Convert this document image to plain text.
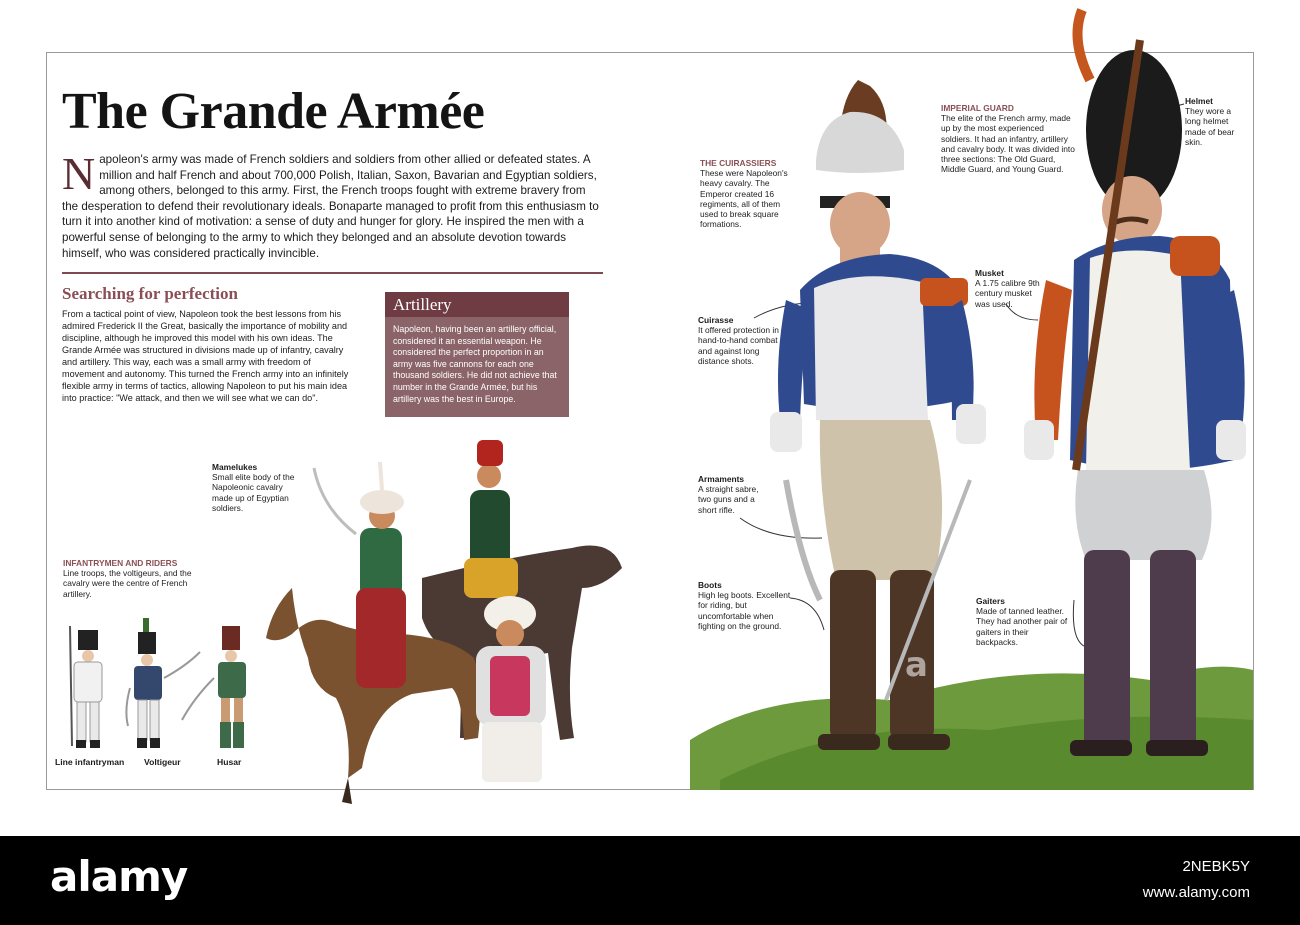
The Grande Armée
N apoleon's army was made of French soldiers and soldiers from other allied or defeated states. A million and half French and about 700,000 Polish, Italian, Saxon, Bavarian and Egyptian soldiers, among others, belonged to this army. First, the French troops fought with extreme bravery from the desperation to defend their revolutionary ideals. Bonaparte managed to profit from this enthusiasm to turn it into another kind of motivation: a sense of duty and hunger for glory. He inspired the men with a powerful sense of belonging to the army to which they belonged and an absolute devotion towards himself, who was considered practically invincible.
Searching for perfection
From a tactical point of view, Napoleon took the best lessons from his admired Frederick II the Great, basically the importance of mobility and discipline, although he improved this model with his own ideas. The Grande Armée was structured in divisions made up of infantry, cavalry and artillery. This way, each was a small army with freedom of movement and autonomy. This turned the French army into an infinitely flexible army in terms of tactics, allowing Napoleon to put his main idea into practice: "We attack, and then we will see what we can do".
Artillery
Napoleon, having been an artillery official, considered it an essential weapon. He considered the perfect proportion in an army was five cannons for each one thousand soldiers. He did not achieve that number in the Grande Armée, but his artillery was the best in Europe.
Mamelukes
Small elite body of the Napoleonic cavalry made up of Egyptian soldiers.
INFANTRYMEN AND RIDERS
Line troops, the voltigeurs, and the cavalry were the centre of French artillery.
Line infantryman Voltigeur	Husar
THE CUIRASSIERS
These were Napoleon's heavy cavalry. The Emperor created 16 regiments, all of them used to break square formations.
IMPERIAL GUARD
The elite of the French army, made up by the most experienced soldiers. It had an infantry, artillery and cavalry body. It was divided into three sections: The Old Guard, Middle Guard, and Young Guard.
Helmet
They wore a long helmet made of bear skin.
Musket
A 1.75 calibre 9th century musket was used.
Cuirasse
It offered protection in hand-to-hand combat and against long distance shots.
Armaments
A straight sabre, two guns and a short rifle.
Boots
High leg boots. Excellent for riding, but uncomfortable when fighting on the ground.
Gaiters
Made of tanned leather. They had another pair of gaiters in their backpacks.
a
alamy	2NEBK5Y
www.alamy.com
